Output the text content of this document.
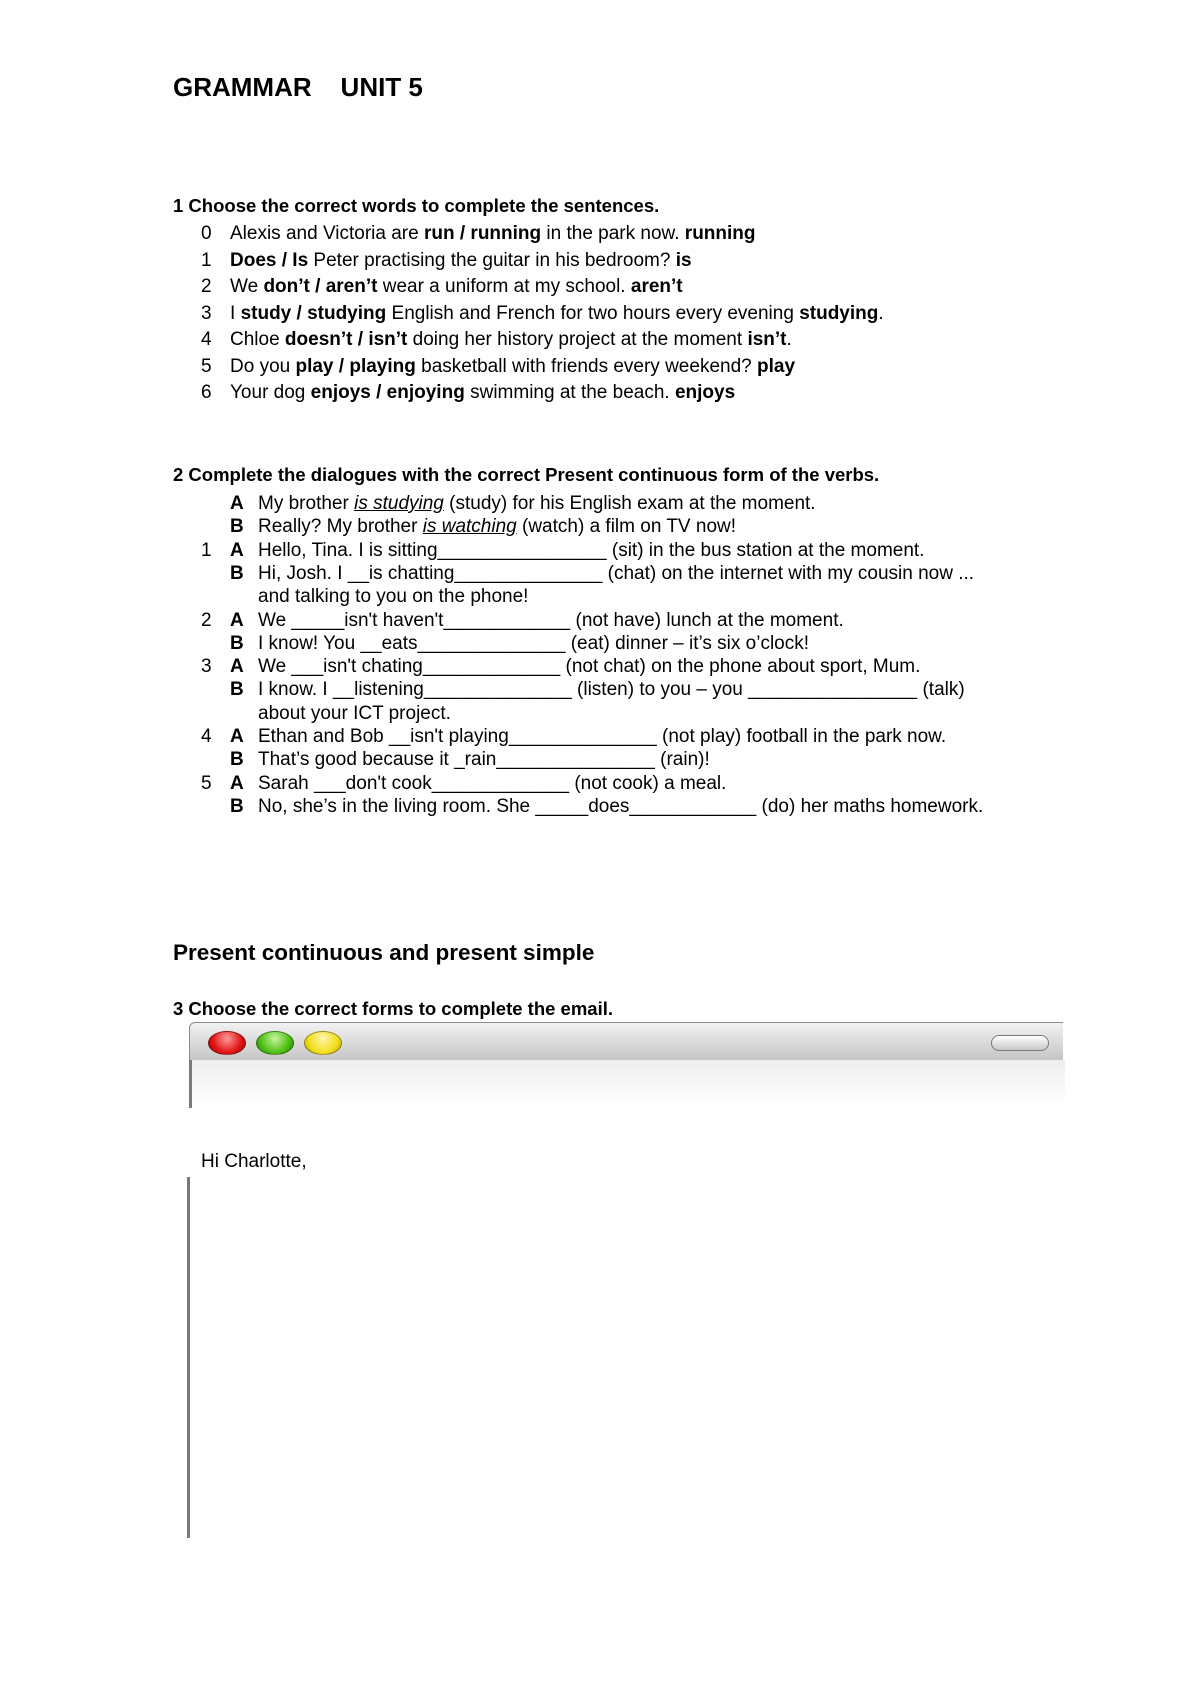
GRAMMAR    UNIT 5
1 Choose the correct words to complete the sentences.
0 Alexis and Victoria are run / running in the park now. running
1 Does / Is Peter practising the guitar in his bedroom? is
2 We don’t / aren’t wear a uniform at my school. aren’t
3 I study / studying English and French for two hours every evening studying.
4 Chloe doesn’t / isn’t doing her history project at the moment isn’t.
5 Do you play / playing basketball with friends every weekend? play
6 Your dog enjoys / enjoying swimming at the beach. enjoys
2 Complete the dialogues with the correct Present continuous form of the verbs.
A My brother is studying (study) for his English exam at the moment.
B Really? My brother is watching (watch) a film on TV now!
1 A Hello, Tina. I is sitting________________ (sit) in the bus station at the moment.
B Hi, Josh. I __is chatting______________ (chat) on the internet with my cousin now ...
and talking to you on the phone!
2 A We _____isn't haven't____________ (not have) lunch at the moment.
B I know! You __eats______________ (eat) dinner – it’s six o’clock!
3 A We ___isn't chating_____________ (not chat) on the phone about sport, Mum.
B I know. I __listening______________ (listen) to you – you ________________ (talk)
about your ICT project.
4 A Ethan and Bob __isn't playing______________ (not play) football in the park now.
B That’s good because it _rain_______________ (rain)!
5 A Sarah ___don't cook_____________ (not cook) a meal.
B No, she’s in the living room. She _____does____________ (do) her maths homework.
Present continuous and present simple
3 Choose the correct forms to complete the email.
Hi Charlotte,
